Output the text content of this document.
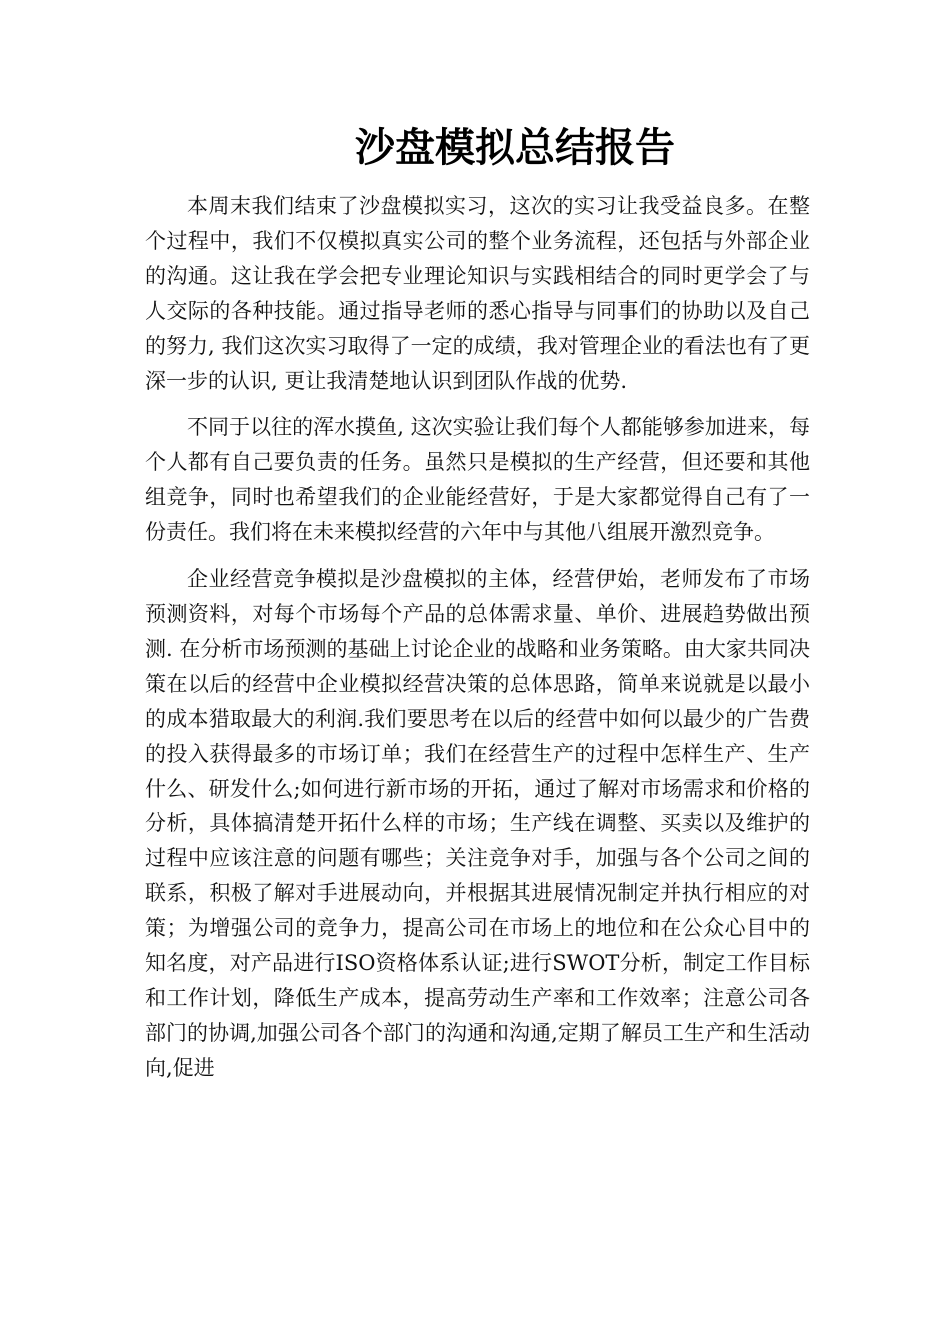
沙盘模拟总结报告

本周末我们结束了沙盘模拟实习，这次的实习让我受益良多。在整个过程中，我们不仅模拟真实公司的整个业务流程，还包括与外部企业的沟通。这让我在学会把专业理论知识与实践相结合的同时更学会了与人交际的各种技能。通过指导老师的悉心指导与同事们的协助以及自己的努力, 我们这次实习取得了一定的成绩，我对管理企业的看法也有了更深一步的认识, 更让我清楚地认识到团队作战的优势.

不同于以往的浑水摸鱼, 这次实验让我们每个人都能够参加进来，每个人都有自己要负责的任务。虽然只是模拟的生产经营，但还要和其他组竞争，同时也希望我们的企业能经营好，于是大家都觉得自己有了一份责任。我们将在未来模拟经营的六年中与其他八组展开激烈竞争。

企业经营竞争模拟是沙盘模拟的主体，经营伊始，老师发布了市场预测资料，对每个市场每个产品的总体需求量、单价、进展趋势做出预测. 在分析市场预测的基础上讨论企业的战略和业务策略。由大家共同决策在以后的经营中企业模拟经营决策的总体思路，简单来说就是以最小的成本猎取最大的利润.我们要思考在以后的经营中如何以最少的广告费的投入获得最多的市场订单；我们在经营生产的过程中怎样生产、生产什么、研发什么;如何进行新市场的开拓，通过了解对市场需求和价格的分析，具体搞清楚开拓什么样的市场；生产线在调整、买卖以及维护的过程中应该注意的问题有哪些；关注竞争对手，加强与各个公司之间的联系，积极了解对手进展动向，并根据其进展情况制定并执行相应的对策；为增强公司的竞争力，提高公司在市场上的地位和在公众心目中的知名度，对产品进行ISO资格体系认证;进行SWOT分析，制定工作目标和工作计划，降低生产成本，提高劳动生产率和工作效率；注意公司各部门的协调,加强公司各个部门的沟通和沟通,定期了解员工生产和生活动向,促进
